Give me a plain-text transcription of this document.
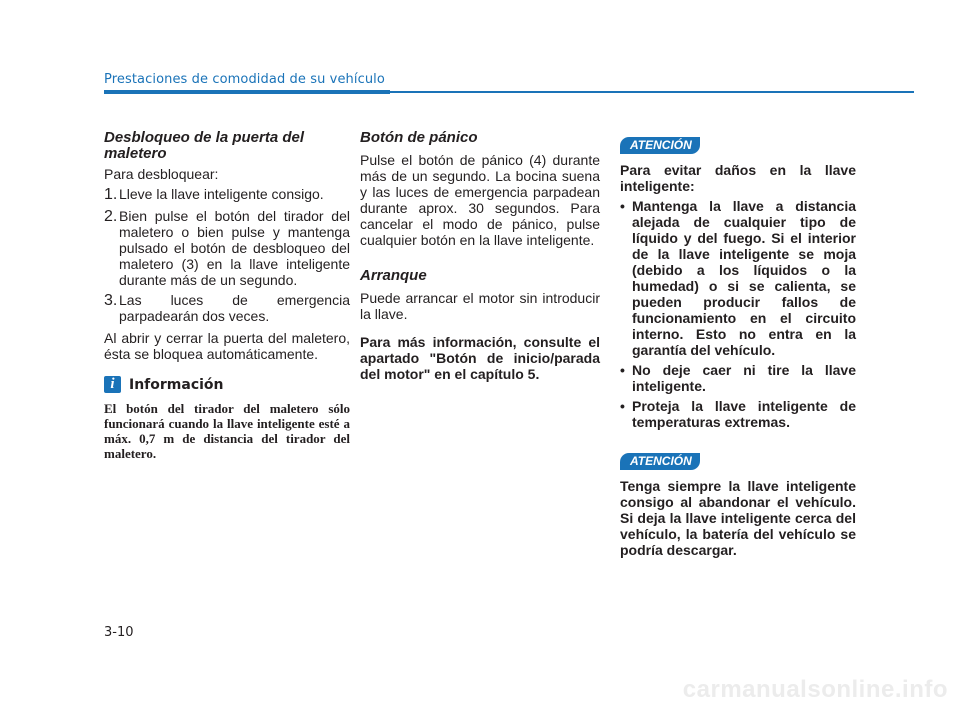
Prestaciones de comodidad de su vehículo
Desbloqueo de la puerta del maletero

Para desbloquear:

1. Lleve la llave inteligente consigo.
2. Bien pulse el botón del tirador del maletero o bien pulse y mantenga pulsado el botón de desbloqueo del maletero (3) en la llave inteligente durante más de un segundo.
3. Las luces de emergencia parpadearán dos veces.

Al abrir y cerrar la puerta del maletero, ésta se bloquea automáticamente.

i	Información
El botón del tirador del maletero sólo funcionará cuando la llave inteligente esté a máx. 0,7 m de distancia del tirador del maletero.
Botón de pánico

Pulse el botón de pánico (4) durante más de un segundo. La bocina suena y las luces de emergencia parpadean durante aprox. 30 segundos. Para cancelar el modo de pánico, pulse cualquier botón en la llave inteligente.

Arranque

Puede arrancar el motor sin introducir la llave.

Para más información, consulte el apartado "Botón de inicio/parada del motor" en el capítulo 5.

ATENCIÓN

Para evitar daños en la llave inteligente:

• Mantenga la llave a distancia alejada de cualquier tipo de líquido y del fuego. Si el interior de la llave inteligente se moja (debido a los líquidos o la humedad) o si se calienta, se pueden producir fallos de funcionamiento en el circuito interno. Esto no entra en la garantía del vehículo.
• No deje caer ni tire la llave inteligente.
• Proteja la llave inteligente de temperaturas extremas.
ATENCIÓN

Tenga siempre la llave inteligente consigo al abandonar el vehículo. Si deja la llave inteligente cerca del vehículo, la batería del vehículo se podría descargar.

3-10
carmanualsonline.info
